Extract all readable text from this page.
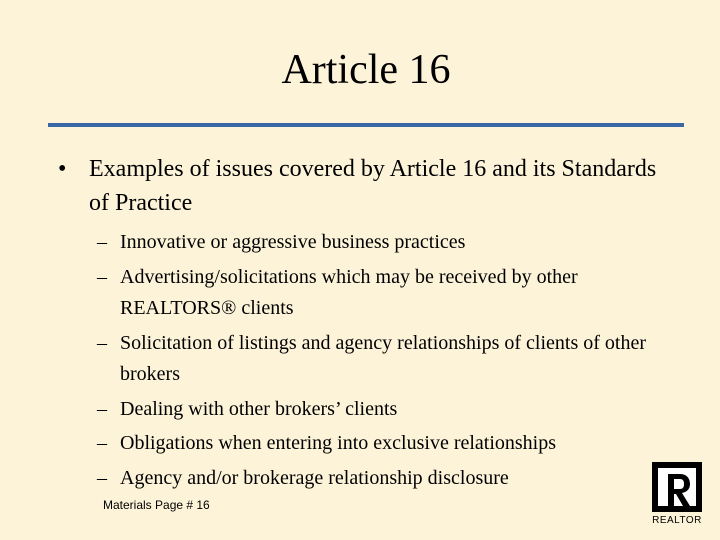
Article 16
• Examples of issues covered by Article 16 and its Standards of Practice
– Innovative or aggressive business practices
– Advertising/solicitations which may be received by other REALTORS® clients
– Solicitation of listings and agency relationships of clients of other brokers
– Dealing with other brokers’ clients
– Obligations when entering into exclusive relationships
– Agency and/or brokerage relationship disclosure
Materials Page # 16
REALTOR
